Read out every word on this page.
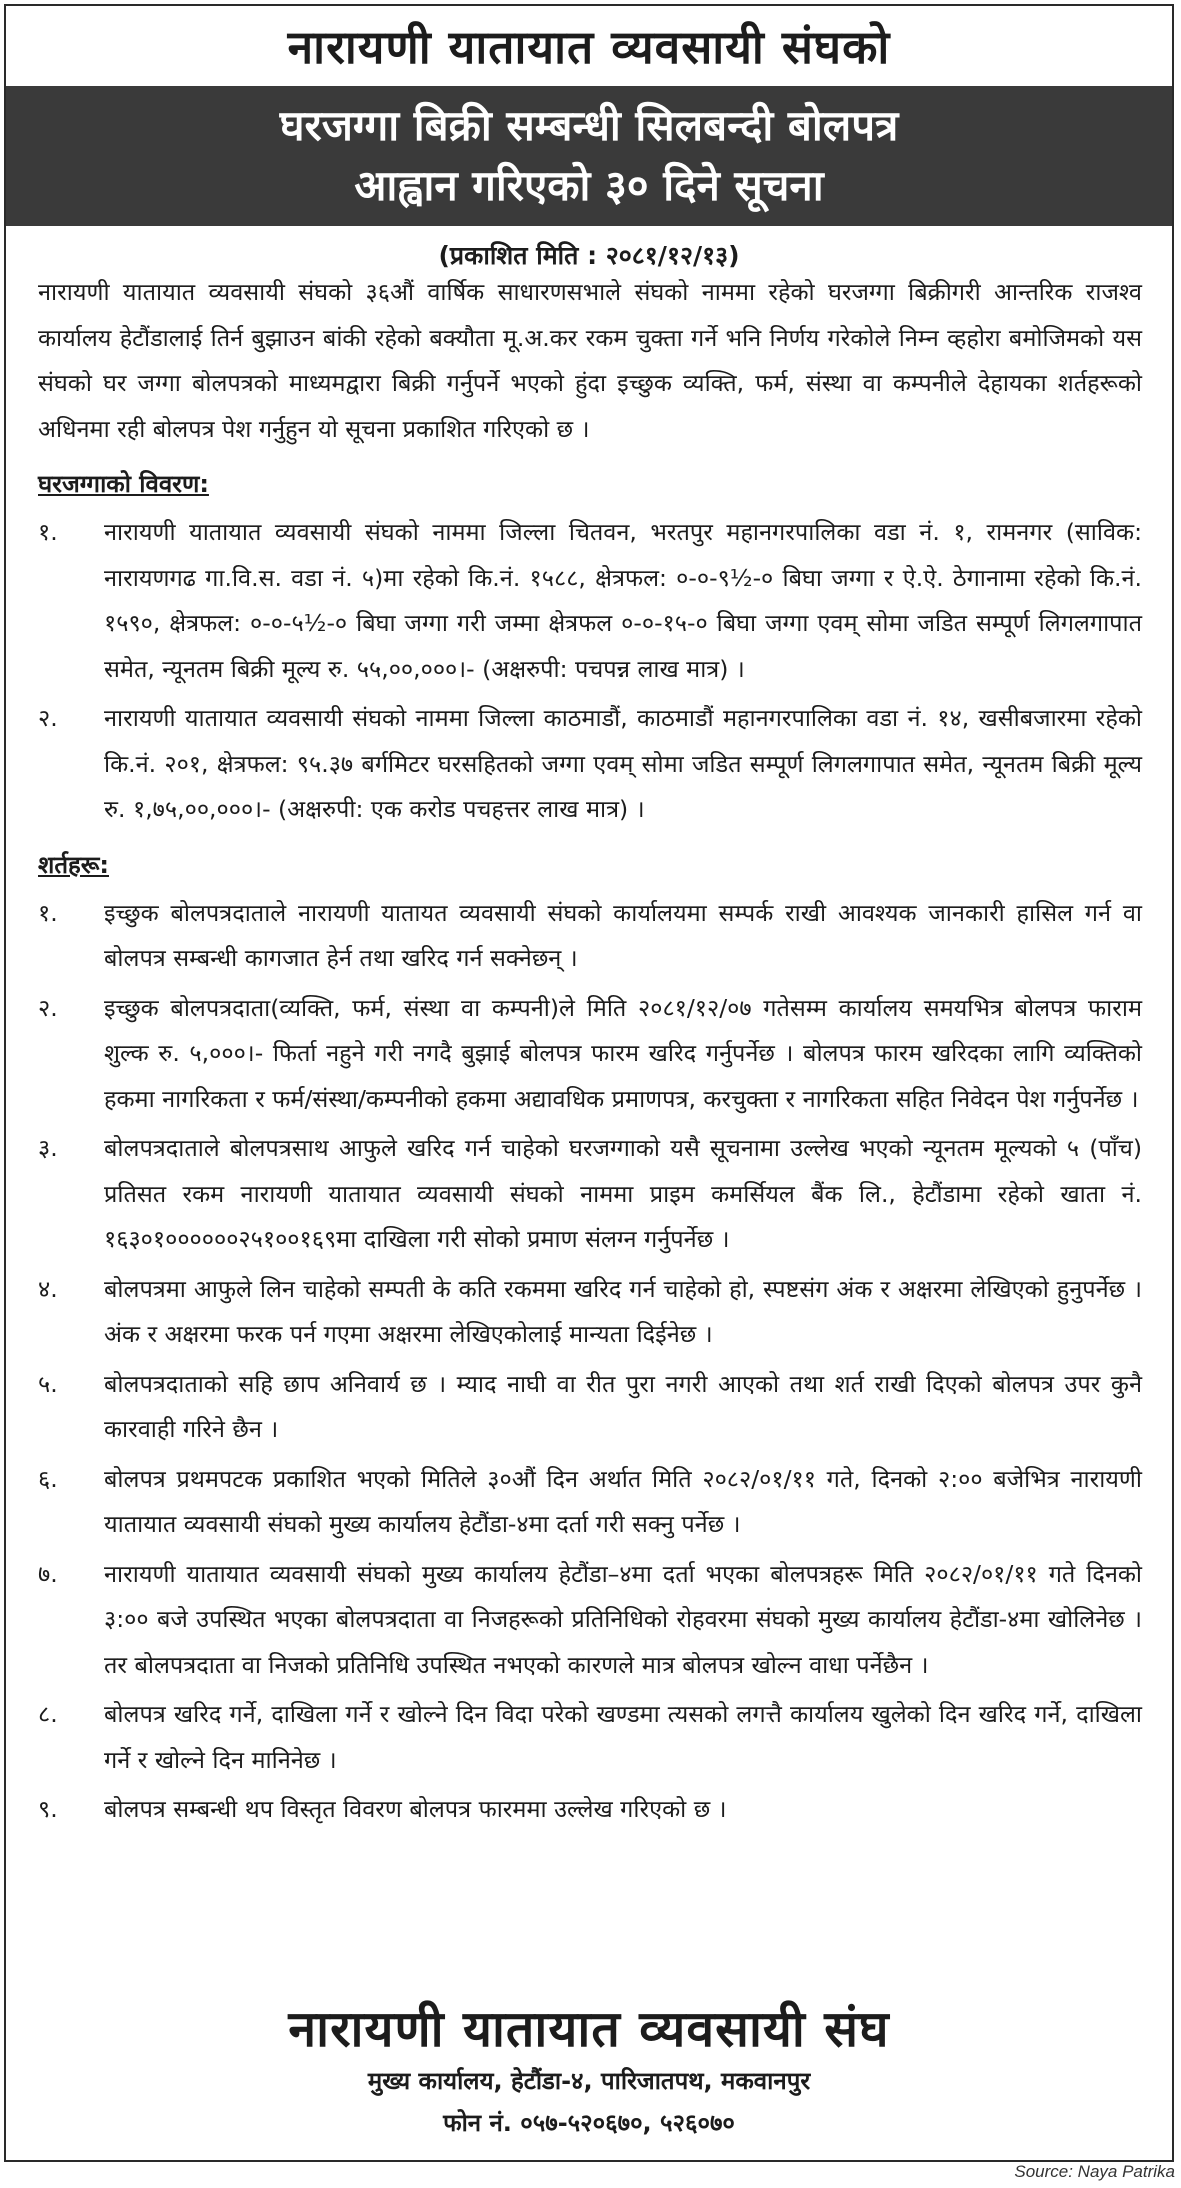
नारायणी यातायात व्यवसायी संघको
घरजग्गा बिक्री सम्बन्धी सिलबन्दी बोलपत्र
आह्वान गरिएको ३० दिने सूचना
(प्रकाशित मिति : २०८१/१२/१३)

नारायणी यातायात व्यवसायी संघको ३६औं वार्षिक साधारणसभाले संघको नाममा रहेको घरजग्गा बिक्रीगरी आन्तरिक राजश्व कार्यालय हेटौंडालाई तिर्न बुझाउन बांकी रहेको बक्यौता मू.अ.कर रकम चुक्ता गर्ने भनि निर्णय गरेकोले निम्न व्हहोरा बमोजिमको यस संघको घर जग्गा बोलपत्रको माध्यमद्वारा बिक्री गर्नुपर्ने भएको हुंदा इच्छुक व्यक्ति, फर्म, संस्था वा कम्पनीले देहायका शर्तहरूको अधिनमा रही बोलपत्र पेश गर्नुहुन यो सूचना प्रकाशित गरिएको छ ।

घरजग्गाको विवरण:
१.	नारायणी यातायात व्यवसायी संघको नाममा जिल्ला चितवन, भरतपुर महानगरपालिका वडा नं. १, रामनगर (साविक: नारायणगढ गा.वि.स. वडा नं. ५)मा रहेको कि.नं. १५८८, क्षेत्रफल: ०-०-९½-० बिघा जग्गा र ऐ.ऐ. ठेगानामा रहेको कि.नं. १५९०, क्षेत्रफल: ०-०-५½-० बिघा जग्गा गरी जम्मा क्षेत्रफल ०-०-१५-० बिघा जग्गा एवम् सोमा जडित सम्पूर्ण लिगलगापात समेत, न्यूनतम बिक्री मूल्य रु. ५५,००,०००।- (अक्षरुपी: पचपन्न लाख मात्र) ।
२.	नारायणी यातायात व्यवसायी संघको नाममा जिल्ला काठमाडौं, काठमाडौं महानगरपालिका वडा नं. १४, खसीबजारमा रहेको कि.नं. २०१, क्षेत्रफल: ९५.३७ बर्गमिटर घरसहितको जग्गा एवम् सोमा जडित सम्पूर्ण लिगलगापात समेत, न्यूनतम बिक्री मूल्य रु. १,७५,००,०००।- (अक्षरुपी: एक करोड पचहत्तर लाख मात्र) ।
शर्तहरू:
१.	इच्छुक बोलपत्रदाताले नारायणी यातायत व्यवसायी संघको कार्यालयमा सम्पर्क राखी आवश्यक जानकारी हासिल गर्न वा बोलपत्र सम्बन्धी कागजात हेर्न तथा खरिद गर्न सक्नेछन् ।
२.	इच्छुक बोलपत्रदाता(व्यक्ति, फर्म, संस्था वा कम्पनी)ले मिति २०८१/१२/०७ गतेसम्म कार्यालय समयभित्र बोलपत्र फाराम शुल्क रु. ५,०००।- फिर्ता नहुने गरी नगदै बुझाई बोलपत्र फारम खरिद गर्नुपर्नेछ । बोलपत्र फारम खरिदका लागि व्यक्तिको हकमा नागरिकता र फर्म/संस्था/कम्पनीको हकमा अद्यावधिक प्रमाणपत्र, करचुक्ता र नागरिकता सहित निवेदन पेश गर्नुपर्नेछ ।
३.	बोलपत्रदाताले बोलपत्रसाथ आफुले खरिद गर्न चाहेको घरजग्गाको यसै सूचनामा उल्लेख भएको न्यूनतम मूल्यको ५ (पाँच) प्रतिसत रकम नारायणी यातायात व्यवसायी संघको नाममा प्राइम कमर्सियल बैंक लि., हेटौंडामा रहेको खाता नं. १६३०१००००००२५१००१६९मा दाखिला गरी सोको प्रमाण संलग्न गर्नुपर्नेछ ।
४.	बोलपत्रमा आफुले लिन चाहेको सम्पती के कति रकममा खरिद गर्न चाहेको हो, स्पष्टसंग अंक र अक्षरमा लेखिएको हुनुपर्नेछ । अंक र अक्षरमा फरक पर्न गएमा अक्षरमा लेखिएकोलाई मान्यता दिईनेछ ।
५.	बोलपत्रदाताको सहि छाप अनिवार्य छ । म्याद नाघी वा रीत पुरा नगरी आएको तथा शर्त राखी दिएको बोलपत्र उपर कुनै कारवाही गरिने छैन ।
६.	बोलपत्र प्रथमपटक प्रकाशित भएको मितिले ३०औं दिन अर्थात मिति २०८२/०१/११ गते, दिनको २:०० बजेभित्र नारायणी यातायात व्यवसायी संघको मुख्य कार्यालय हेटौंडा-४मा दर्ता गरी सक्नु पर्नेछ ।
७.	नारायणी यातायात व्यवसायी संघको मुख्य कार्यालय हेटौंडा–४मा दर्ता भएका बोलपत्रहरू मिति २०८२/०१/११ गते दिनको ३:०० बजे उपस्थित भएका बोलपत्रदाता वा निजहरूको प्रतिनिधिको रोहवरमा संघको मुख्य कार्यालय हेटौंडा-४मा खोलिनेछ । तर बोलपत्रदाता वा निजको प्रतिनिधि उपस्थित नभएको कारणले मात्र बोलपत्र खोल्न वाधा पर्नेछैन ।
८.	बोलपत्र खरिद गर्ने, दाखिला गर्ने र खोल्ने दिन विदा परेको खण्डमा त्यसको लगत्तै कार्यालय खुलेको दिन खरिद गर्ने, दाखिला गर्ने र खोल्ने दिन मानिनेछ ।
९.	बोलपत्र सम्बन्धी थप विस्तृत विवरण बोलपत्र फारममा उल्लेख गरिएको छ ।
नारायणी यातायात व्यवसायी संघ
मुख्य कार्यालय, हेटौंडा-४, पारिजातपथ, मकवानपुर
फोन नं. ०५७-५२०६७०, ५२६०७०
Source: Naya Patrika
